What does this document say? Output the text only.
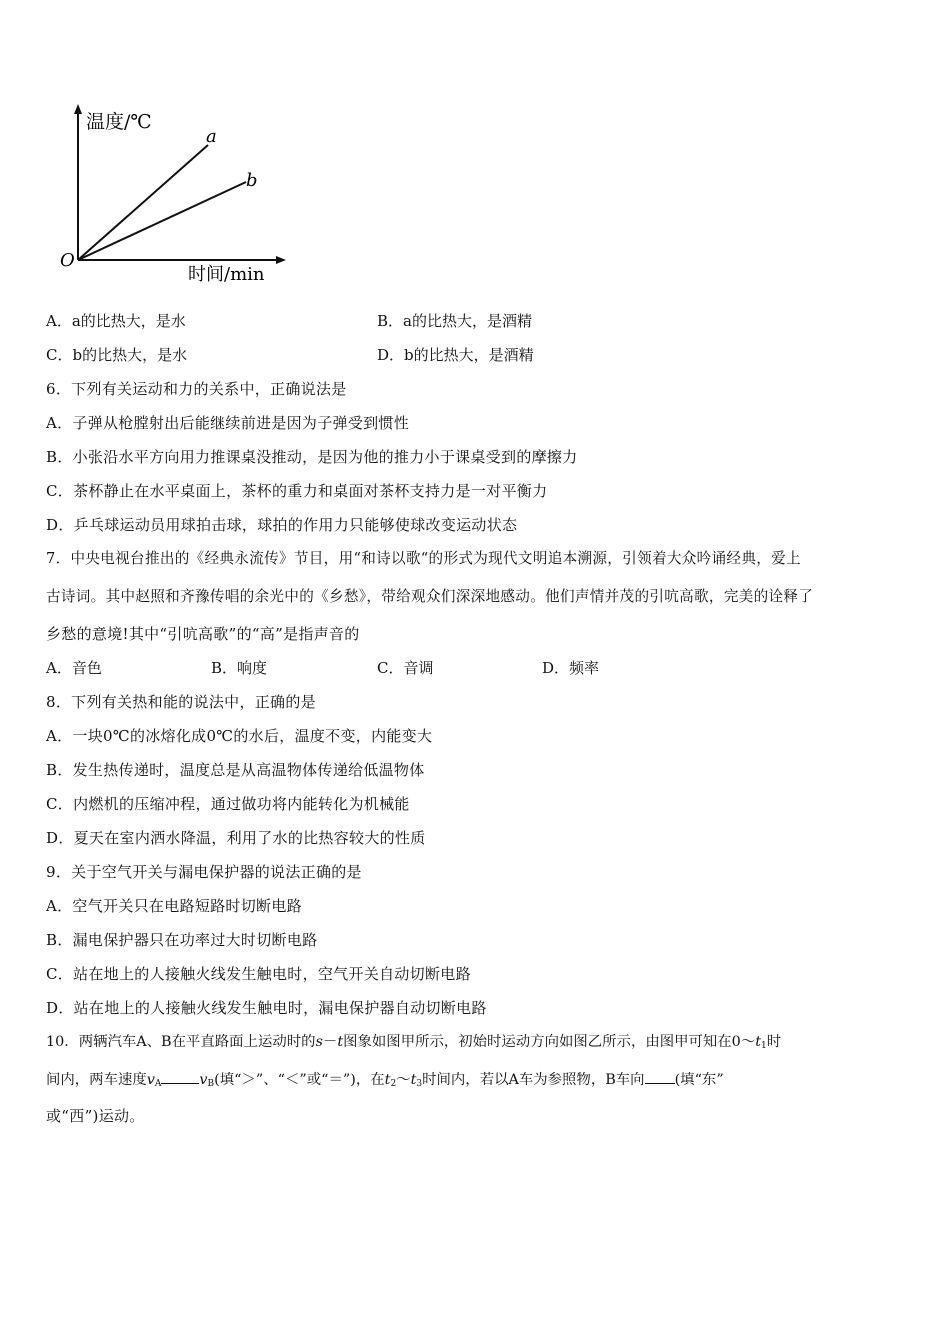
温度/℃
时间/min
O
a
b
A．a的比热大，是水	B．a的比热大，是酒精
C．b的比热大，是水	D．b的比热大，是酒精
6．下列有关运动和力的关系中，正确说法是
A．子弹从枪膛射出后能继续前进是因为子弹受到惯性
B．小张沿水平方向用力推课桌没推动，是因为他的推力小于课桌受到的摩擦力
C．茶杯静止在水平桌面上，茶杯的重力和桌面对茶杯支持力是一对平衡力
D．乒乓球运动员用球拍击球，球拍的作用力只能够使球改变运动状态
7．中央电视台推出的《经典永流传》节目，用“和诗以歌“的形式为现代文明追本溯源，引领着大众吟诵经典，爱上
古诗词。其中赵照和齐豫传唱的余光中的《乡愁》，带给观众们深深地感动。他们声情并茂的引吭高歌，完美的诠释了
乡愁的意境!其中“引吭高歌”的“高”是指声音的
A．音色	B．响度	C．音调	D．频率
8．下列有关热和能的说法中，正确的是
A．一块0℃的冰熔化成0℃的水后，温度不变，内能变大
B．发生热传递时，温度总是从高温物体传递给低温物体
C．内燃机的压缩冲程，通过做功将内能转化为机械能
D．夏天在室内洒水降温，利用了水的比热容较大的性质
9．关于空气开关与漏电保护器的说法正确的是
A．空气开关只在电路短路时切断电路
B．漏电保护器只在功率过大时切断电路
C．站在地上的人接触火线发生触电时，空气开关自动切断电路
D．站在地上的人接触火线发生触电时，漏电保护器自动切断电路
10．两辆汽车A、B在平直路面上运动时的s－t图象如图甲所示，初始时运动方向如图乙所示，由图甲可知在$0\sim t_1$时
间内，两车速度$v_A$	$v_B$(填“＞”、“＜”或“＝”)，在$t_2\sim t_3$时间内，若以A车为参照物，B车向 (填“东”
或“西”)运动。
